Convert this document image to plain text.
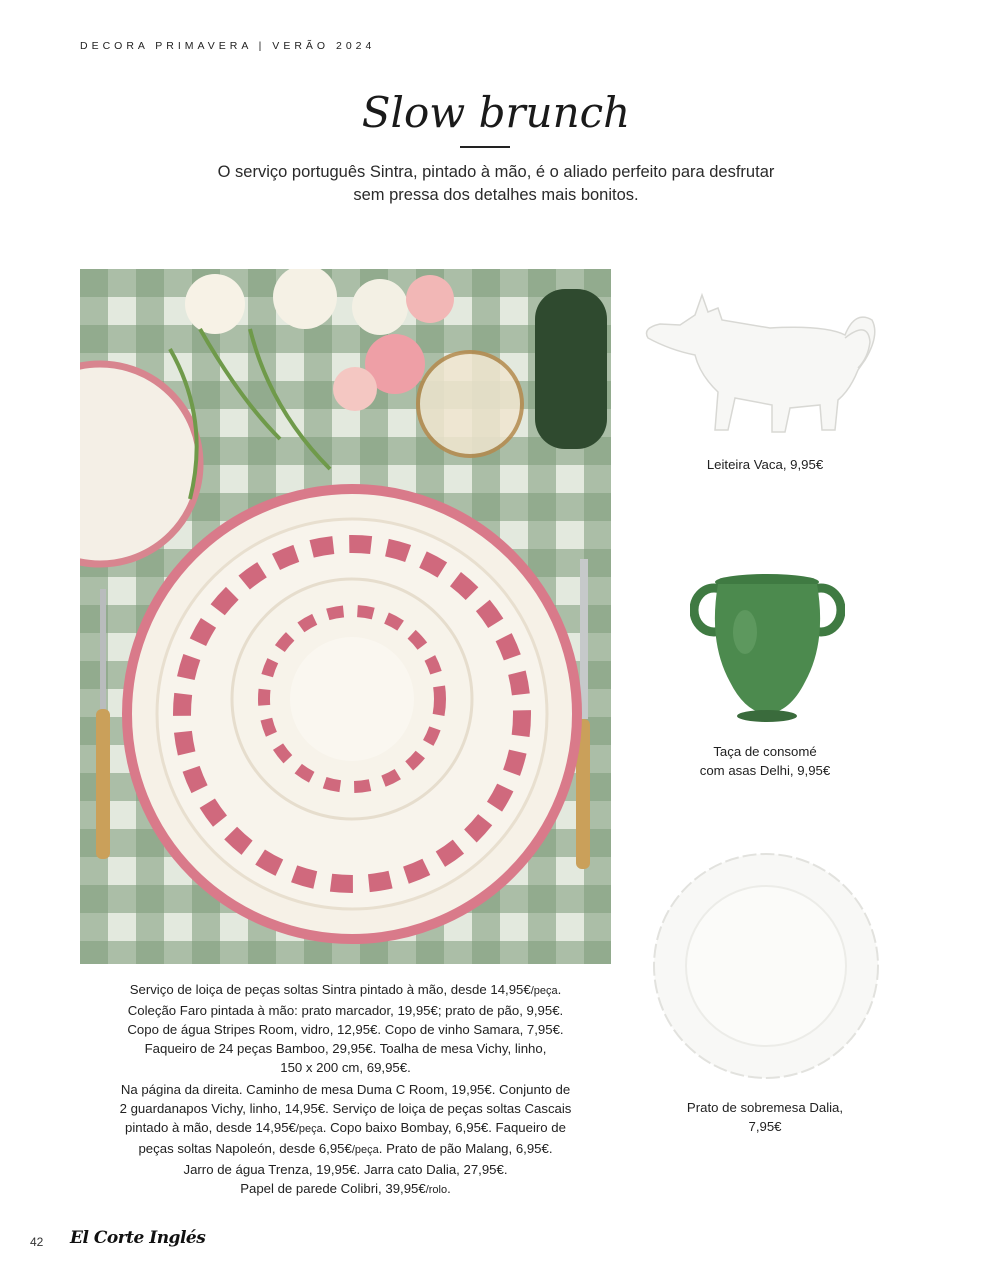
DECORA PRIMAVERA | VERÃO 2024
Slow brunch
O serviço português Sintra, pintado à mão, é o aliado perfeito para desfrutar
sem pressa dos detalhes mais bonitos.
Serviço de loiça de peças soltas Sintra pintado à mão, desde 14,95€/peça.
Coleção Faro pintada à mão: prato marcador, 19,95€; prato de pão, 9,95€.
Copo de água Stripes Room, vidro, 12,95€. Copo de vinho Samara, 7,95€.
Faqueiro de 24 peças Bamboo, 29,95€. Toalha de mesa Vichy, linho,
150 x 200 cm, 69,95€.
Na página da direita. Caminho de mesa Duma C Room, 19,95€. Conjunto de
2 guardanapos Vichy, linho, 14,95€. Serviço de loiça de peças soltas Cascais
pintado à mão, desde 14,95€/peça. Copo baixo Bombay, 6,95€. Faqueiro de
peças soltas Napoleón, desde 6,95€/peça. Prato de pão Malang, 6,95€.
Jarro de água Trenza, 19,95€. Jarra cato Dalia, 27,95€.
Papel de parede Colibri, 39,95€/rolo.
Leiteira Vaca, 9,95€
Taça de consomé
com asas Delhi, 9,95€
Prato de sobremesa Dalia,
7,95€
42 El Corte Inglés
